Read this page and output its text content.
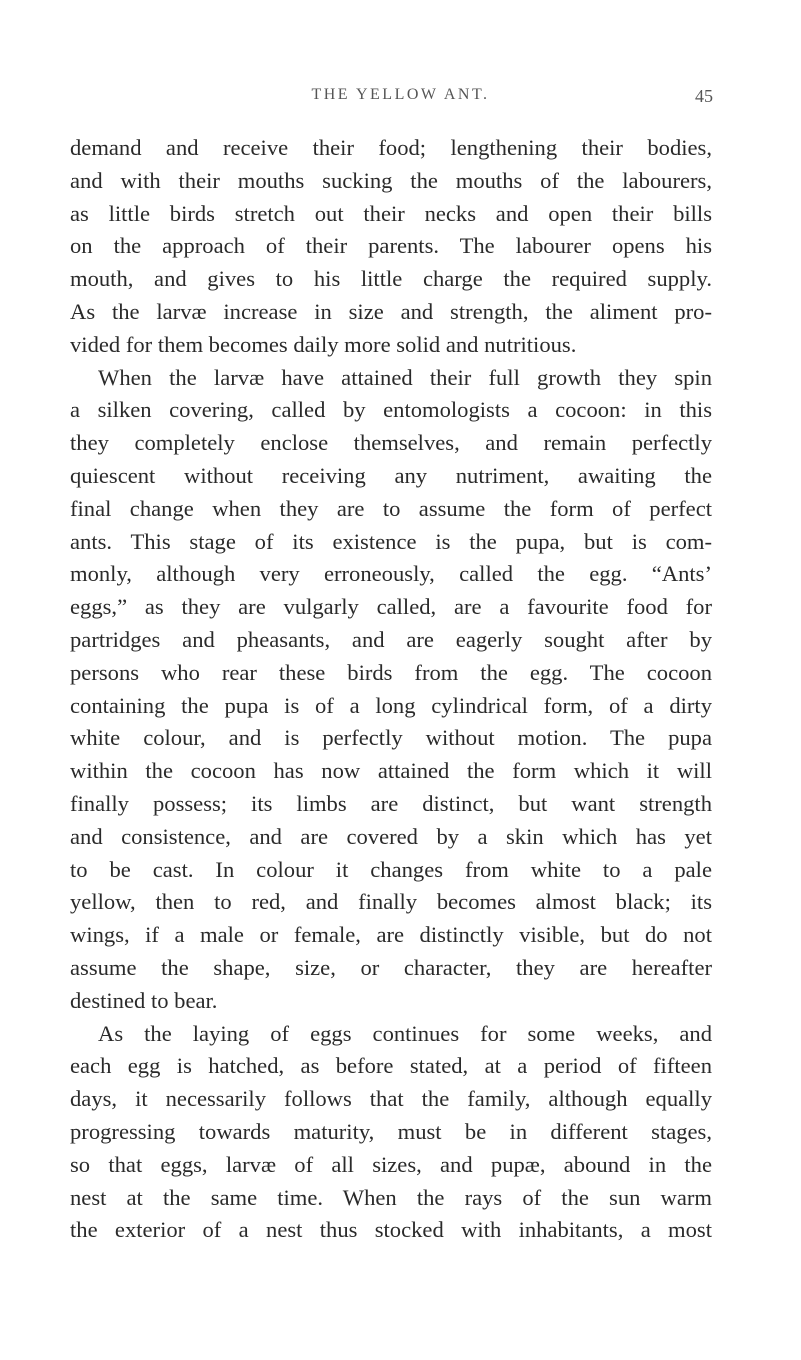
THE YELLOW ANT.	45
demand and receive their food; lengthening their bodies,
and with their mouths sucking the mouths of the labourers,
as little birds stretch out their necks and open their bills
on the approach of their parents. The labourer opens his
mouth, and gives to his little charge the required supply.
As the larvæ increase in size and strength, the aliment pro-
vided for them becomes daily more solid and nutritious.
When the larvæ have attained their full growth they spin
a silken covering, called by entomologists a cocoon: in this
they completely enclose themselves, and remain perfectly
quiescent without receiving any nutriment, awaiting the
final change when they are to assume the form of perfect
ants. This stage of its existence is the pupa, but is com-
monly, although very erroneously, called the egg. “Ants’
eggs,” as they are vulgarly called, are a favourite food for
partridges and pheasants, and are eagerly sought after by
persons who rear these birds from the egg. The cocoon
containing the pupa is of a long cylindrical form, of a dirty
white colour, and is perfectly without motion. The pupa
within the cocoon has now attained the form which it will
finally possess; its limbs are distinct, but want strength
and consistence, and are covered by a skin which has yet
to be cast. In colour it changes from white to a pale
yellow, then to red, and finally becomes almost black; its
wings, if a male or female, are distinctly visible, but do not
assume the shape, size, or character, they are hereafter
destined to bear.
As the laying of eggs continues for some weeks, and
each egg is hatched, as before stated, at a period of fifteen
days, it necessarily follows that the family, although equally
progressing towards maturity, must be in different stages,
so that eggs, larvæ of all sizes, and pupæ, abound in the
nest at the same time. When the rays of the sun warm
the exterior of a nest thus stocked with inhabitants, a most
